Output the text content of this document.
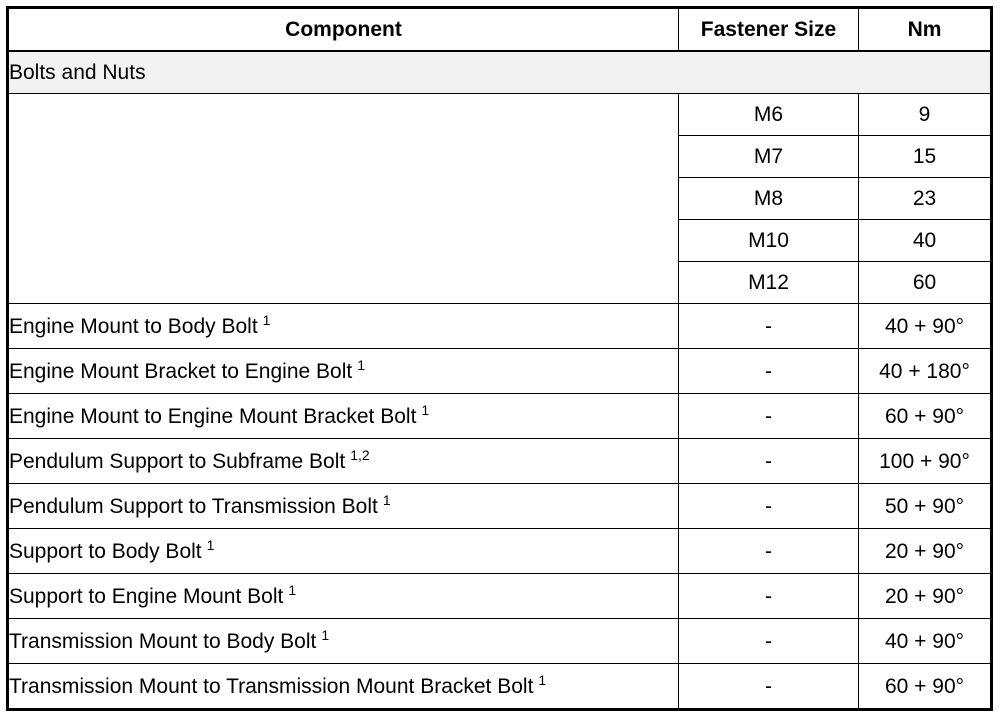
Component	Fastener Size	Nm
Bolts and Nuts		
	M6	9
	M7	15
	M8	23
	M10	40
	M12	60
Engine Mount to Body Bolt $^1$	-	40 + 90°
Engine Mount Bracket to Engine Bolt $^1$	-	40 + 180°
Engine Mount to Engine Mount Bracket Bolt $^1$	-	60 + 90°
Pendulum Support to Subframe Bolt $^{1,2}$	-	100 + 90°
Pendulum Support to Transmission Bolt $^1$	-	50 + 90°
Support to Body Bolt $^1$	-	20 + 90°
Support to Engine Mount Bolt $^1$	-	20 + 90°
Transmission Mount to Body Bolt $^1$	-	40 + 90°
Transmission Mount to Transmission Mount Bracket Bolt $^1$	-	60 + 90°
